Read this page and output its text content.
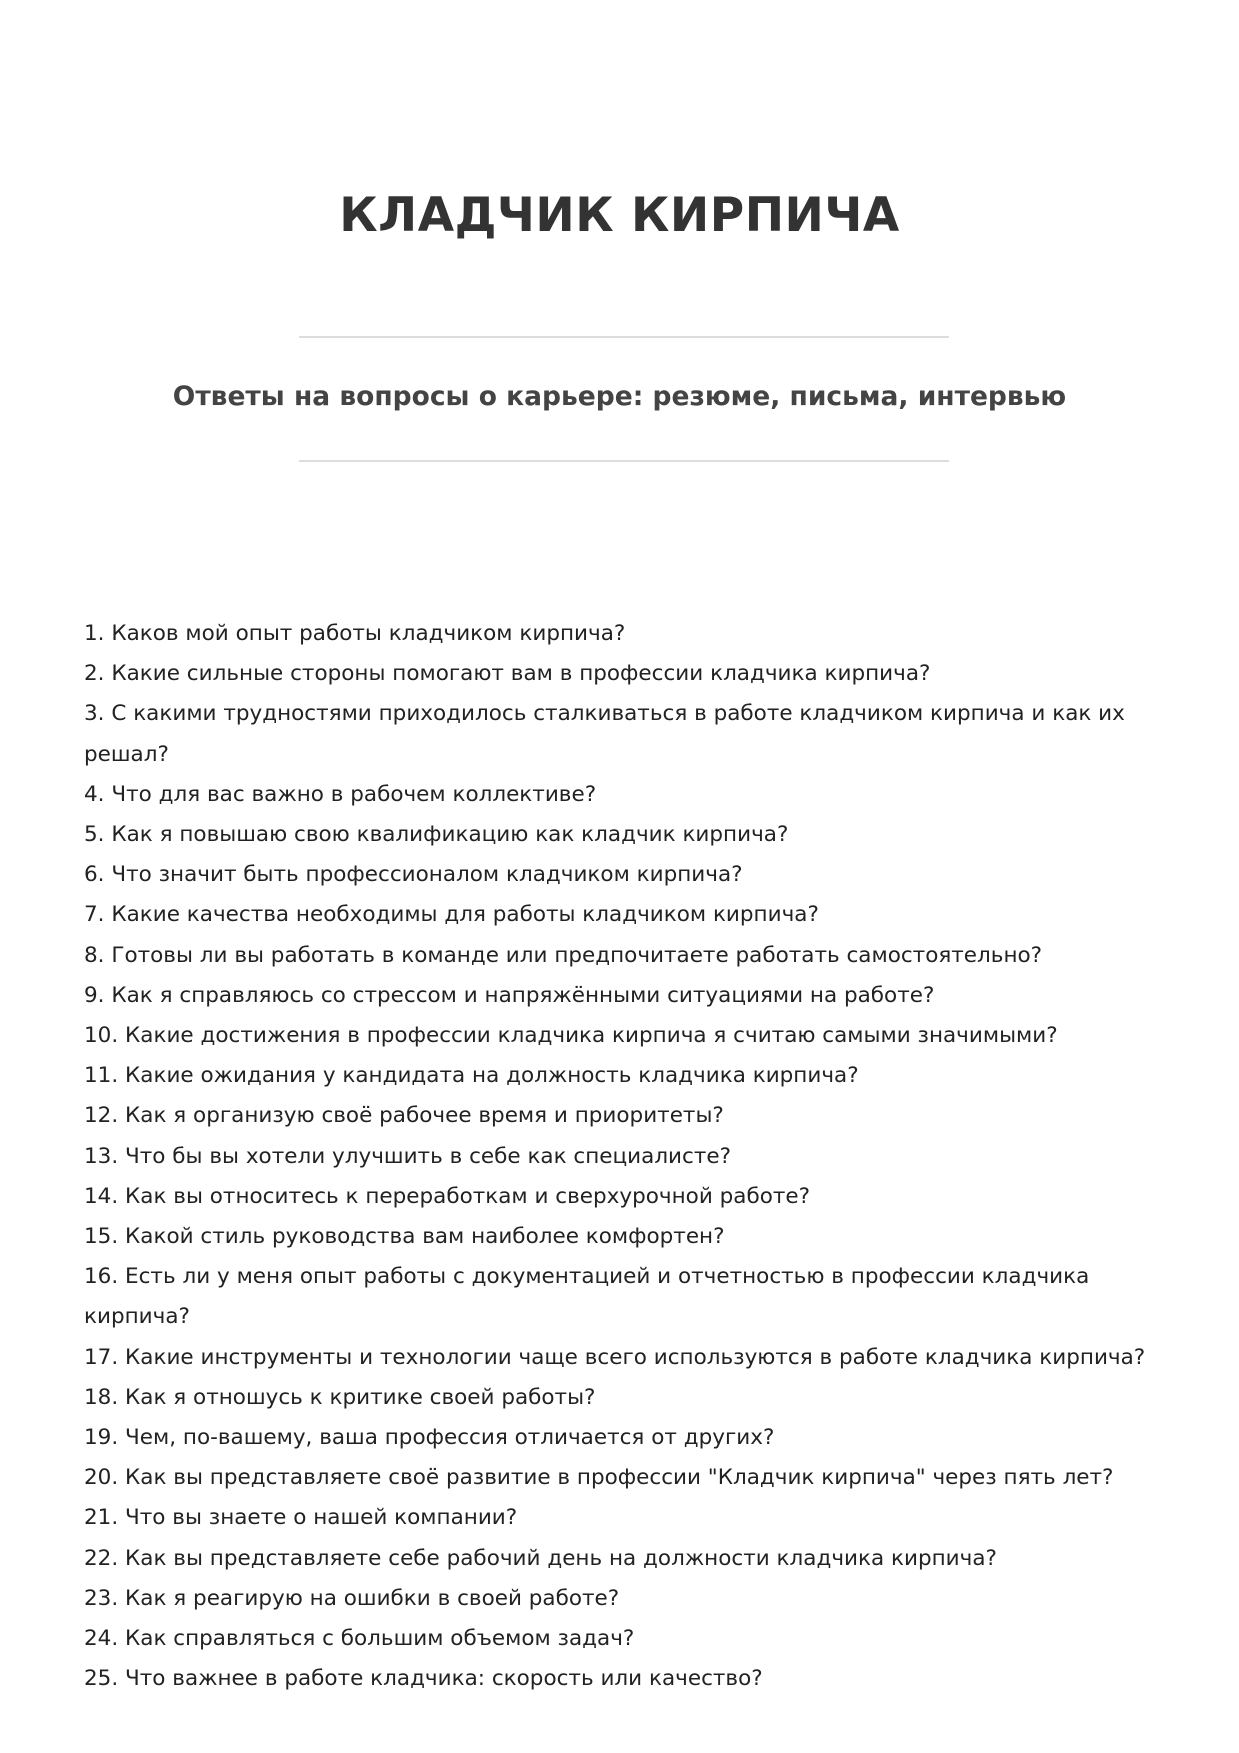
КЛАДЧИК КИРПИЧА
Ответы на вопросы о карьере: резюме, письма, интервью
1. Каков мой опыт работы кладчиком кирпича?
2. Какие сильные стороны помогают вам в профессии кладчика кирпича?
3. С какими трудностями приходилось сталкиваться в работе кладчиком кирпича и как их решал?
4. Что для вас важно в рабочем коллективе?
5. Как я повышаю свою квалификацию как кладчик кирпича?
6. Что значит быть профессионалом кладчиком кирпича?
7. Какие качества необходимы для работы кладчиком кирпича?
8. Готовы ли вы работать в команде или предпочитаете работать самостоятельно?
9. Как я справляюсь со стрессом и напряжёнными ситуациями на работе?
10. Какие достижения в профессии кладчика кирпича я считаю самыми значимыми?
11. Какие ожидания у кандидата на должность кладчика кирпича?
12. Как я организую своё рабочее время и приоритеты?
13. Что бы вы хотели улучшить в себе как специалисте?
14. Как вы относитесь к переработкам и сверхурочной работе?
15. Какой стиль руководства вам наиболее комфортен?
16. Есть ли у меня опыт работы с документацией и отчетностью в профессии кладчика кирпича?
17. Какие инструменты и технологии чаще всего используются в работе кладчика кирпича?
18. Как я отношусь к критике своей работы?
19. Чем, по-вашему, ваша профессия отличается от других?
20. Как вы представляете своё развитие в профессии "Кладчик кирпича" через пять лет?
21. Что вы знаете о нашей компании?
22. Как вы представляете себе рабочий день на должности кладчика кирпича?
23. Как я реагирую на ошибки в своей работе?
24. Как справляться с большим объемом задач?
25. Что важнее в работе кладчика: скорость или качество?
